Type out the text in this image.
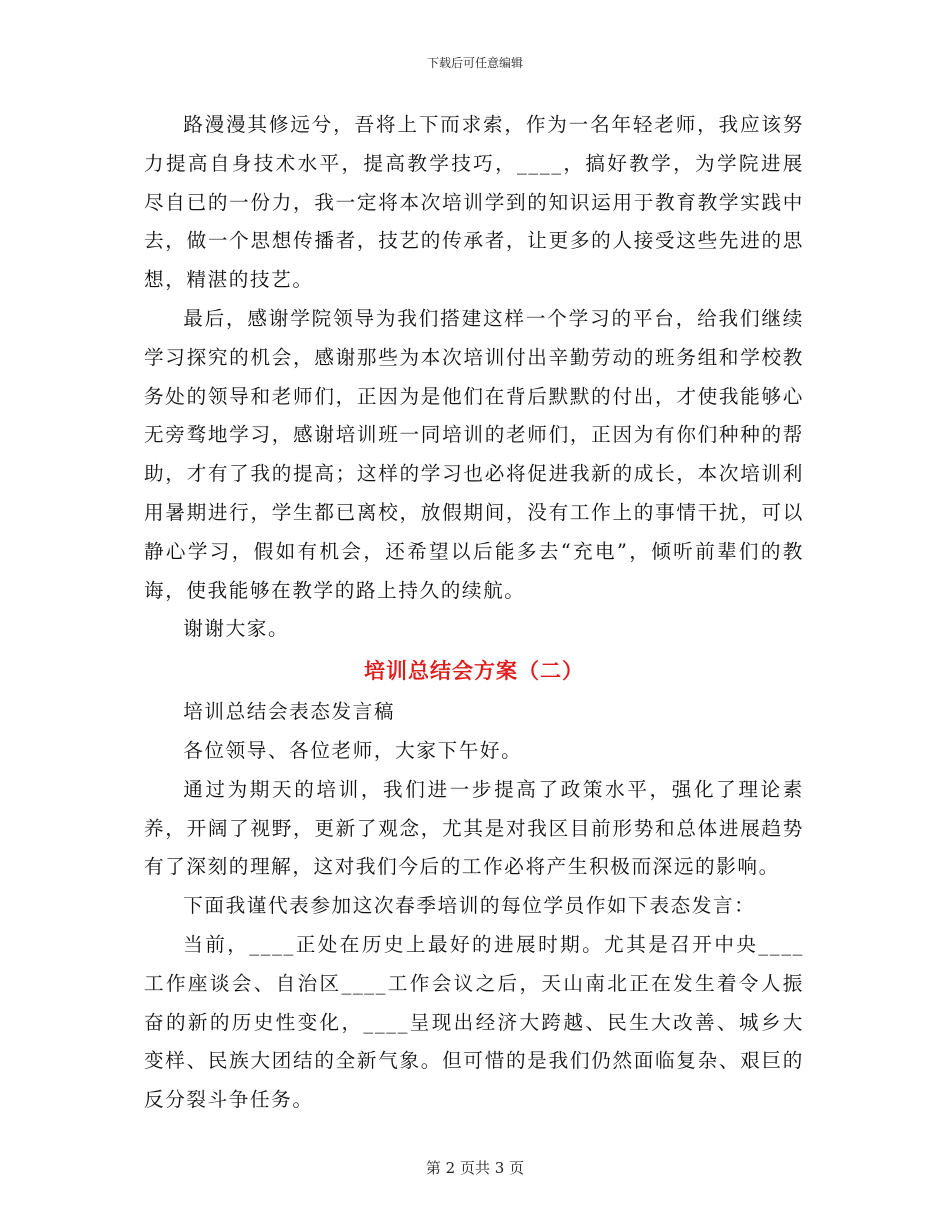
下载后可任意编辑

路漫漫其修远兮，吾将上下而求索，作为一名年轻老师，我应该努力提高自身技术水平，提高教学技巧，____，搞好教学，为学院进展尽自已的一份力，我一定将本次培训学到的知识运用于教育教学实践中去，做一个思想传播者，技艺的传承者，让更多的人接受这些先进的思想，精湛的技艺。

最后，感谢学院领导为我们搭建这样一个学习的平台，给我们继续学习探究的机会，感谢那些为本次培训付出辛勤劳动的班务组和学校教务处的领导和老师们，正因为是他们在背后默默的付出，才使我能够心无旁骛地学习，感谢培训班一同培训的老师们，正因为有你们种种的帮助，才有了我的提高；这样的学习也必将促进我新的成长，本次培训利用暑期进行，学生都已离校，放假期间，没有工作上的事情干扰，可以静心学习，假如有机会，还希望以后能多去“充电”，倾听前辈们的教诲，使我能够在教学的路上持久的续航。

谢谢大家。

培训总结会方案（二）

培训总结会表态发言稿

各位领导、各位老师，大家下午好。

通过为期天的培训，我们进一步提高了政策水平，强化了理论素养，开阔了视野，更新了观念，尤其是对我区目前形势和总体进展趋势有了深刻的理解，这对我们今后的工作必将产生积极而深远的影响。

下面我谨代表参加这次春季培训的每位学员作如下表态发言：

当前，____正处在历史上最好的进展时期。尤其是召开中央____工作座谈会、自治区____工作会议之后，天山南北正在发生着令人振奋的新的历史性变化，____呈现出经济大跨越、民生大改善、城乡大变样、民族大团结的全新气象。但可惜的是我们仍然面临复杂、艰巨的反分裂斗争任务。

第 2 页共 3 页
